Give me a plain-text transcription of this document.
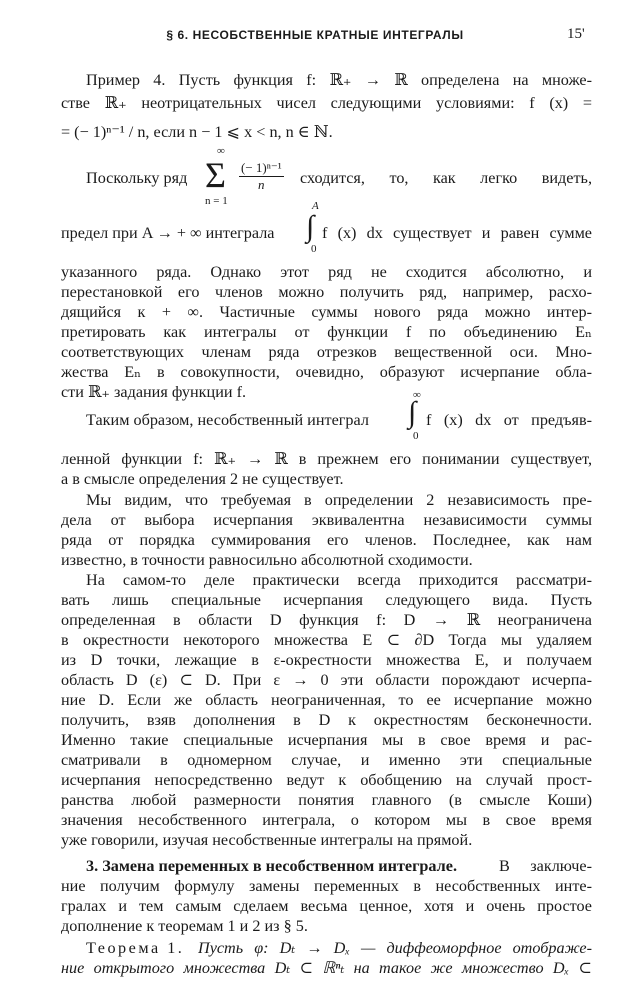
§ 6. НЕСОБСТВЕННЫЕ КРАТНЫЕ ИНТЕГРАЛЫ	15'
Пример 4. Пусть функция f: ℝ₊ → ℝ определена на множе-
стве ℝ₊ неотрицательных чисел следующими условиями: f (x) =
= (− 1)ⁿ⁻¹ / n, если n − 1 ⩽ x < n, n ∈ ℕ.
Поскольку ряд
∞
Σ
n = 1
$\frac{\text{(− 1)ⁿ⁻¹}}{n}$ сходится, то, как легко видеть,
предел при A → + ∞ интеграла
A
∫
0
f (x) dx существует и равен сумме
указанного ряда. Однако этот ряд не сходится абсолютно, и
перестановкой его членов можно получить ряд, например, расхо-
дящийся к + ∞. Частичные суммы нового ряда можно интер-
претировать как интегралы от функции f по объединению Eₙ
соответствующих членам ряда отрезков вещественной оси. Мно-
жества Eₙ в совокупности, очевидно, образуют исчерпание обла-
сти ℝ₊ задания функции f.
Таким образом, несобственный интеграл
∞
∫
0
f (x) dx от предъяв-
ленной функции f: ℝ₊ → ℝ в прежнем его понимании существует,
а в смысле определения 2 не существует.
Мы видим, что требуемая в определении 2 независимость пре-
дела от выбора исчерпания эквивалентна независимости суммы
ряда от порядка суммирования его членов. Последнее, как нам
известно, в точности равносильно абсолютной сходимости.
На самом-то деле практически всегда приходится рассматри-
вать лишь специальные исчерпания следующего вида. Пусть
определенная в области D функция f: D → ℝ неограничена
в окрестности некоторого множества E ⊂ ∂D Тогда мы удаляем
из D точки, лежащие в ε-окрестности множества E, и получаем
область D (ε) ⊂ D. При ε → 0 эти области порождают исчерпа-
ние D. Если же область неограниченная, то ее исчерпание можно
получить, взяв дополнения в D к окрестностям бесконечности.
Именно такие специальные исчерпания мы в свое время и рас-
сматривали в одномерном случае, и именно эти специальные
исчерпания непосредственно ведут к обобщению на случай прост-
ранства любой размерности понятия главного (в смысле Коши)
значения несобственного интеграла, о котором мы в свое время
уже говорили, изучая несобственные интегралы на прямой.
3. Замена переменных в несобственном интеграле.	В заключе-
ние получим формулу замены переменных в несобственных инте-
гралах и тем самым сделаем весьма ценное, хотя и очень простое
дополнение к теоремам 1 и 2 из § 5.
Теорема 1. Пусть φ: Dₜ → Dₓ — диффеоморфное отображе-
ние открытого множества Dₜ ⊂ ℝⁿₜ на такое же множество Dₓ ⊂
